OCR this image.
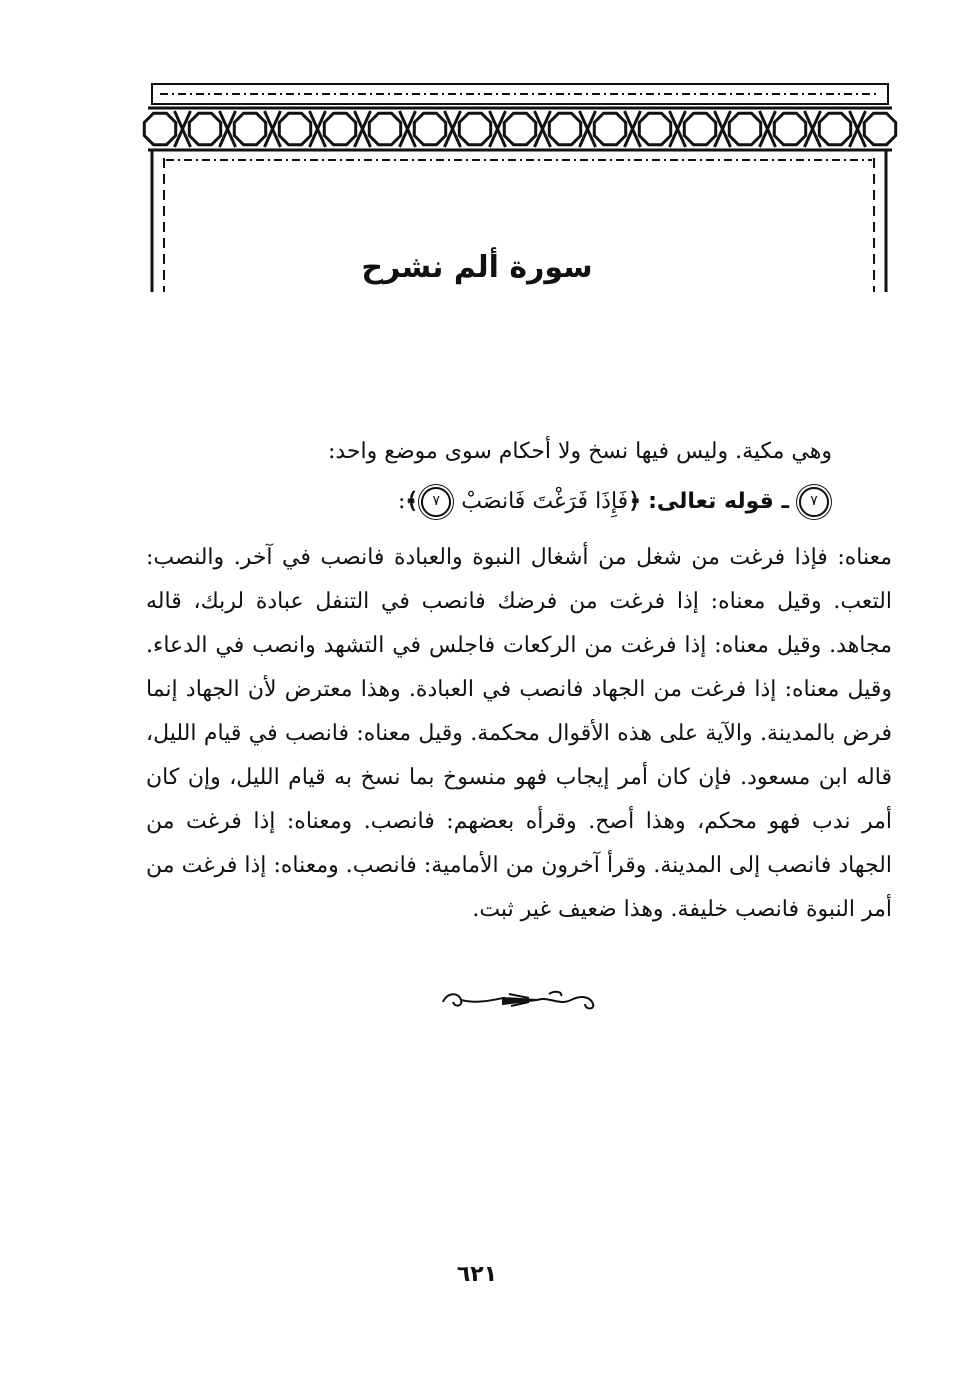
سورة ألم نشرح
وهي مكية. وليس فيها نسخ ولا أحكام سوى موضع واحد:
٧ ـ قوله تعالى: ﴿فَإِذَا فَرَغْتَ فَانصَبْ ٧﴾:
معناه: فإذا فرغت من شغل من أشغال النبوة والعبادة فانصب في آخر. والنصب: التعب. وقيل معناه: إذا فرغت من فرضك فانصب في التنفل عبادة لربك، قاله مجاهد. وقيل معناه: إذا فرغت من الركعات فاجلس في التشهد وانصب في الدعاء. وقيل معناه: إذا فرغت من الجهاد فانصب في العبادة. وهذا معترض لأن الجهاد إنما فرض بالمدينة. والآية على هذه الأقوال محكمة. وقيل معناه: فانصب في قيام الليل، قاله ابن مسعود. فإن كان أمر إيجاب فهو منسوخ بما نسخ به قيام الليل، وإن كان أمر ندب فهو محكم، وهذا أصح. وقرأه بعضهم: فانصب. ومعناه: إذا فرغت من الجهاد فانصب إلى المدينة. وقرأ آخرون من الأمامية: فانصب. ومعناه: إذا فرغت من أمر النبوة فانصب خليفة. وهذا ضعيف غير ثبت.
٦٢١
